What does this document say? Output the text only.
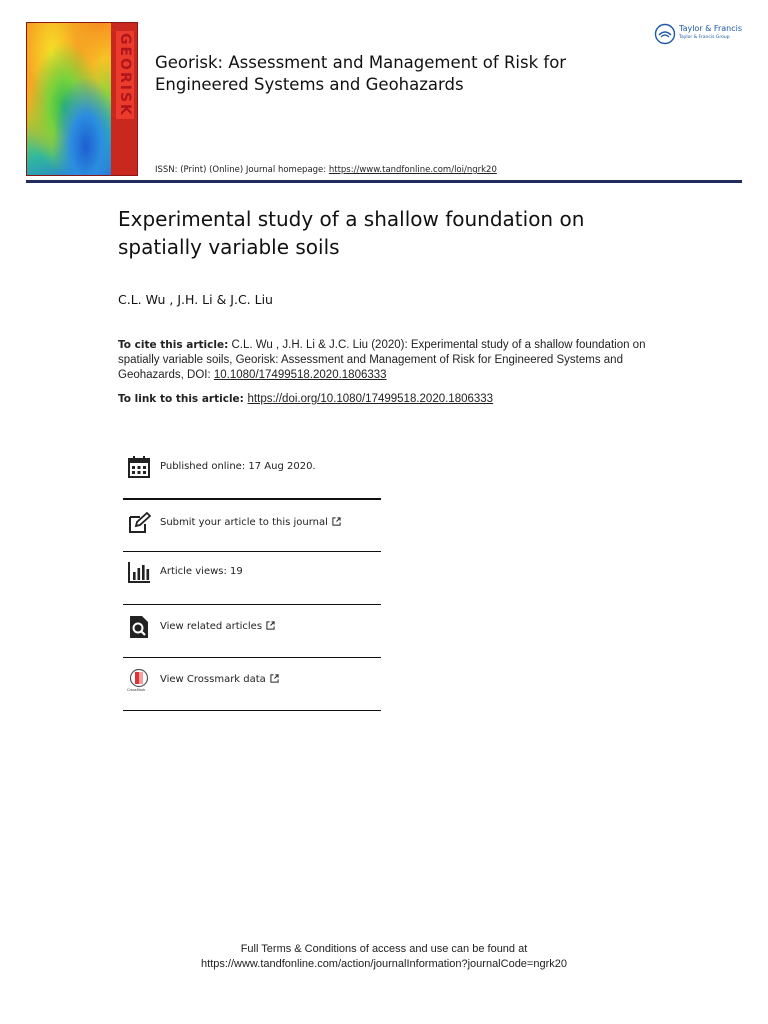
GEORISK Georisk: Assessment and Management of Risk for
Engineered Systems and Geohazards
Taylor & Francis
Taylor & Francis Group
ISSN: (Print) (Online) Journal homepage: https://www.tandfonline.com/loi/ngrk20
Experimental study of a shallow foundation on
spatially variable soils
C.L. Wu , J.H. Li & J.C. Liu
To cite this article: C.L. Wu , J.H. Li & J.C. Liu (2020): Experimental study of a shallow foundation on spatially variable soils, Georisk: Assessment and Management of Risk for Engineered Systems and Geohazards, DOI: 10.1080/17499518.2020.1806333
To link to this article: https://doi.org/10.1080/17499518.2020.1806333
Published online: 17 Aug 2020.
Submit your article to this journal
Article views: 19
View related articles
CrossMark
View Crossmark data
Full Terms & Conditions of access and use can be found at
https://www.tandfonline.com/action/journalInformation?journalCode=ngrk20
